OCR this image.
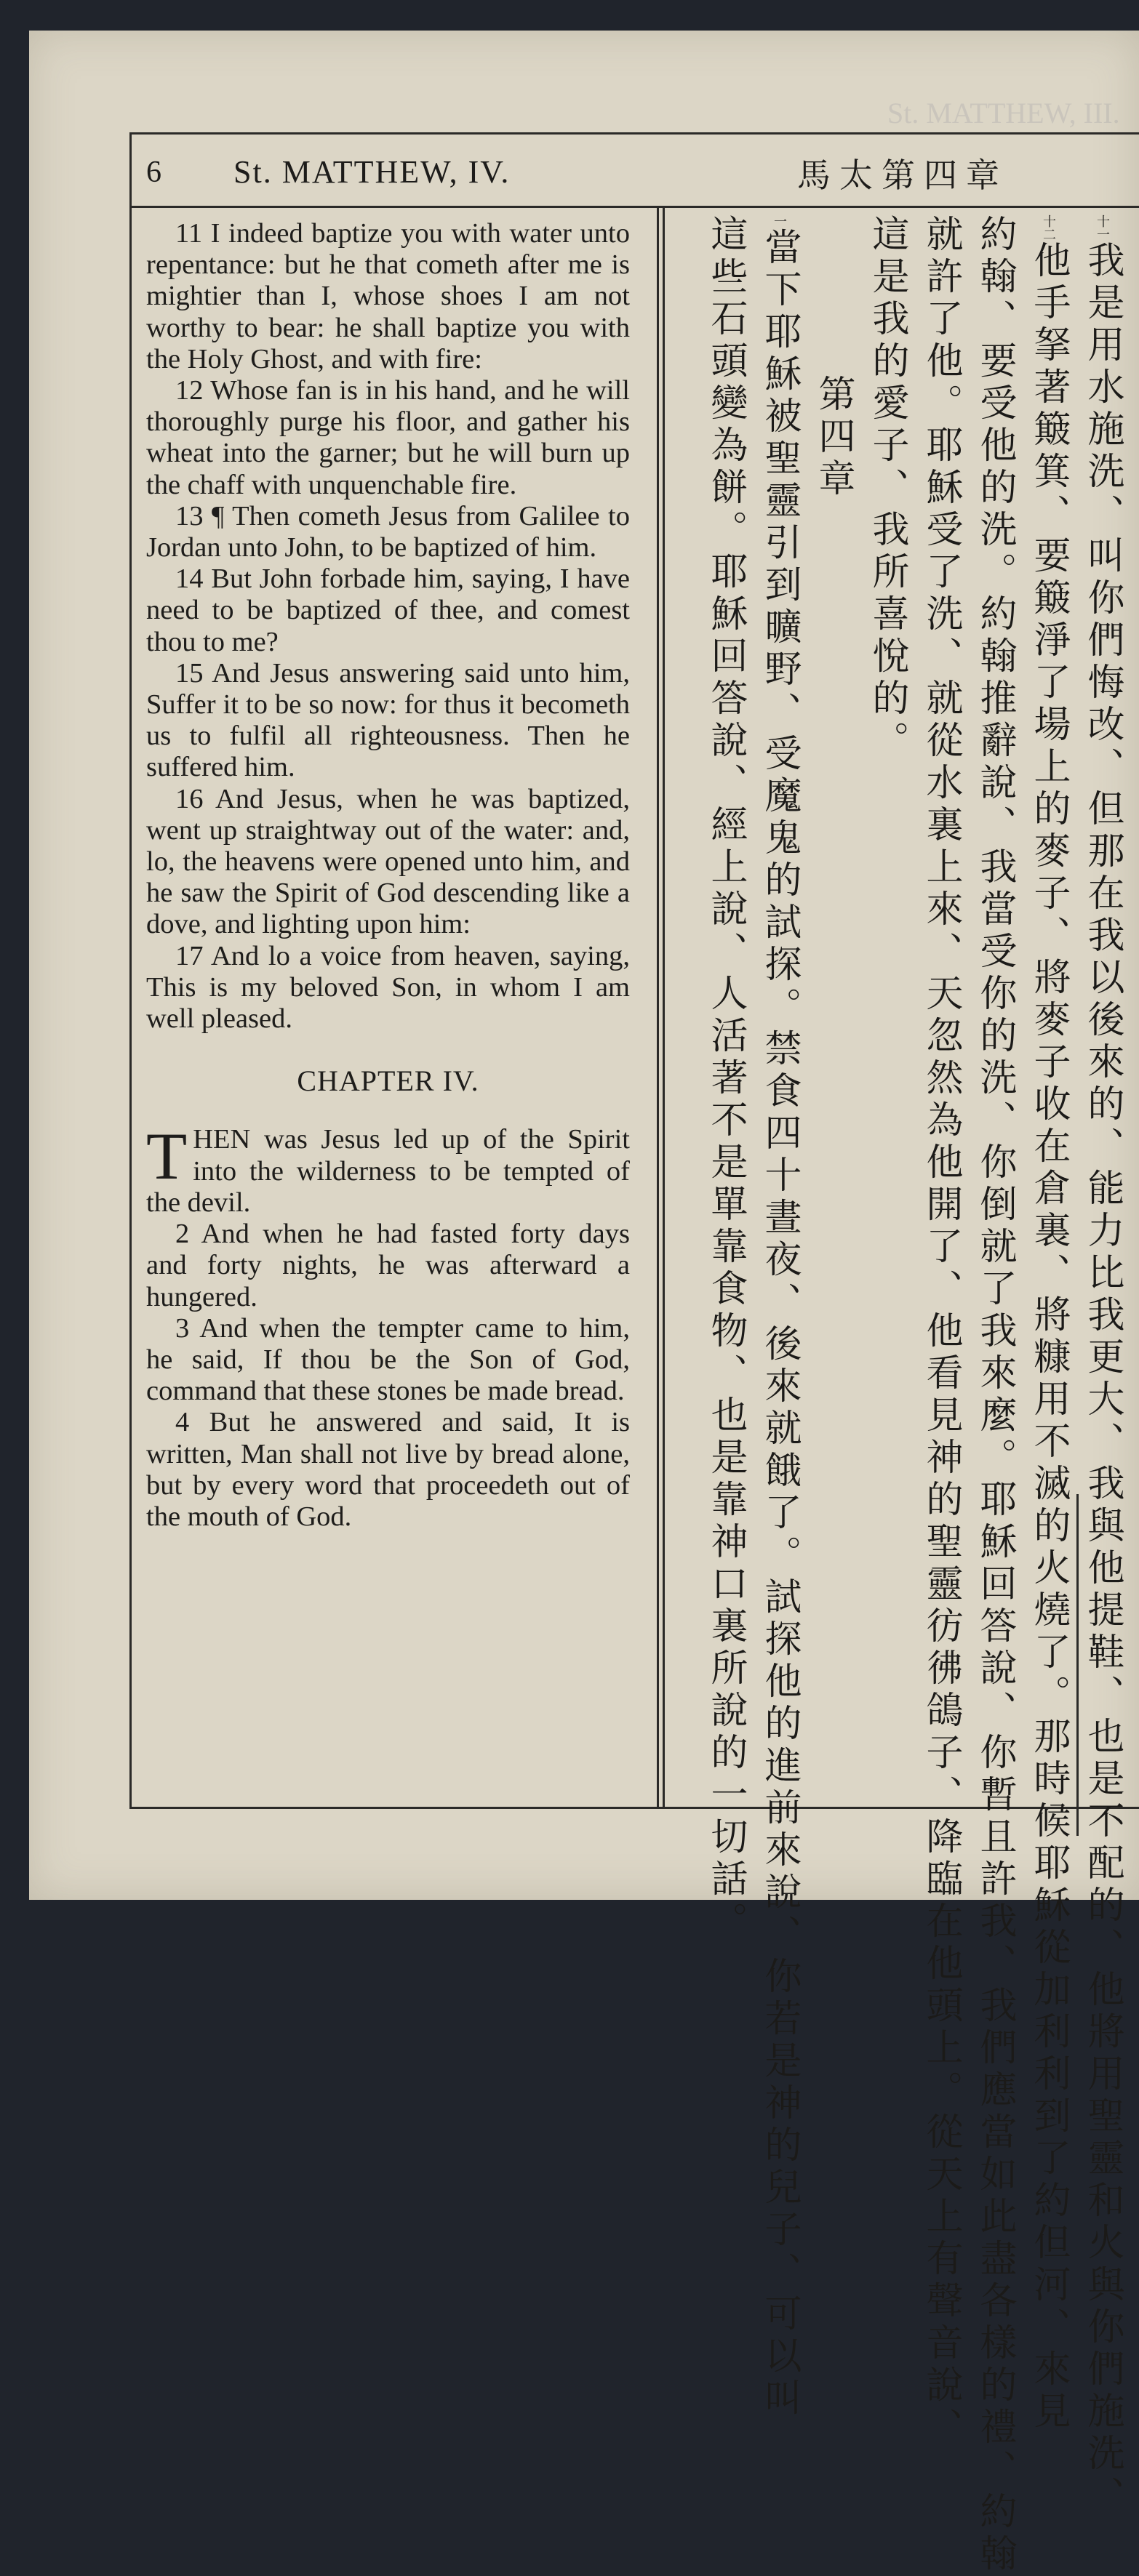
St. MATTHEW, III.
6 St. MATTHEW, IV.	馬太第四章

11 I indeed baptize you with water unto repentance: but he that cometh after me is mightier than I, whose shoes I am not worthy to bear: he shall baptize you with the Holy Ghost, and with fire:

12 Whose fan is in his hand, and he will thoroughly purge his floor, and gather his wheat into the garner; but he will burn up the chaff with unquenchable fire.

13 ¶ Then cometh Jesus from Galilee to Jordan unto John, to be baptized of him.

14 But John forbade him, saying, I have need to be baptized of thee, and comest thou to me?

15 And Jesus answering said unto him, Suffer it to be so now: for thus it becometh us to fulfil all righteousness. Then he suffered him.

16 And Jesus, when he was baptized, went up straightway out of the water: and, lo, the heavens were opened unto him, and he saw the Spirit of God descending like a dove, and lighting upon him:

17 And lo a voice from heaven, saying, This is my beloved Son, in whom I am well pleased.

CHAPTER IV.

THEN was Jesus led up of the Spirit into the wilderness to be tempted of the devil.

2 And when he had fasted forty days and forty nights, he was afterward a hungered.

3 And when the tempter came to him, he said, If thou be the Son of God, command that these stones be made bread.

4 But he answered and said, It is written, Man shall not live by bread alone, but by every word that proceedeth out of the mouth of God.

十一我是用水施洗、叫你們悔改、但那在我以後來的、能力比我更大、我與他提鞋、也是不配的、他將用聖靈和火與你們施洗、
十二他手拏著簸箕、要簸淨了場上的麥子、將麥子收在倉裏、將糠用不滅的火燒了。那時候耶穌從加利利到了約但河、來見
約翰、要受他的洗。約翰推辭說、我當受你的洗、你倒就了我來麼。耶穌回答說、你暫且許我、我們應當如此盡各樣的禮、約翰
就許了他。耶穌受了洗、就從水裏上來、天忽然為他開了、他看見神的聖靈彷彿鴿子、降臨在他頭上。從天上有聲音說、
這是我的愛子、我所喜悅的。
第四章
一當下耶穌被聖靈引到曠野、受魔鬼的試探。禁食四十晝夜、後來就餓了。試探他的進前來說、你若是神的兒子、可以叫
這些石頭變為餅。耶穌回答說、經上說、人活著不是單靠食物、也是靠神口裏所說的一切話。
